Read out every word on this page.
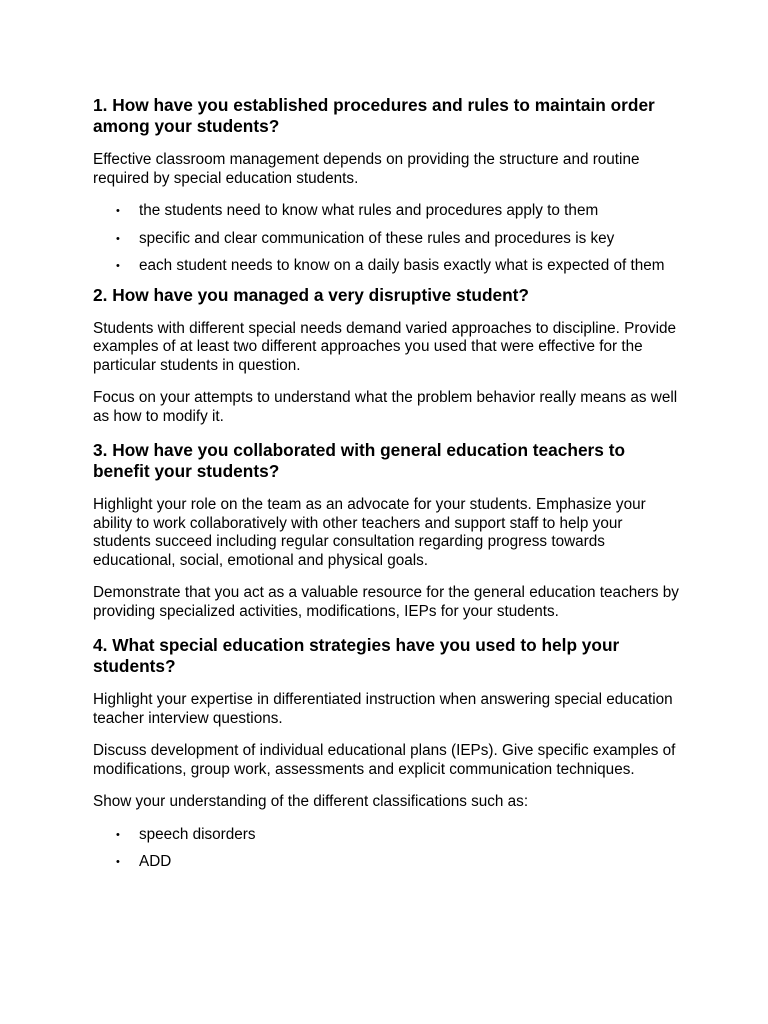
1. How have you established procedures and rules to maintain order among your students?

Effective classroom management depends on providing the structure and routine required by special education students.

• the students need to know what rules and procedures apply to them
• specific and clear communication of these rules and procedures is key
• each student needs to know on a daily basis exactly what is expected of them
2. How have you managed a very disruptive student?

Students with different special needs demand varied approaches to discipline. Provide examples of at least two different approaches you used that were effective for the particular students in question.

Focus on your attempts to understand what the problem behavior really means as well as how to modify it.

3. How have you collaborated with general education teachers to benefit your students?

Highlight your role on the team as an advocate for your students. Emphasize your ability to work collaboratively with other teachers and support staff to help your students succeed including regular consultation regarding progress towards educational, social, emotional and physical goals.

Demonstrate that you act as a valuable resource for the general education teachers by providing specialized activities, modifications, IEPs for your students.

4. What special education strategies have you used to help your students?

Highlight your expertise in differentiated instruction when answering special education teacher interview questions.

Discuss development of individual educational plans (IEPs). Give specific examples of modifications, group work, assessments and explicit communication techniques.

Show your understanding of the different classifications such as:

• speech disorders
• ADD
